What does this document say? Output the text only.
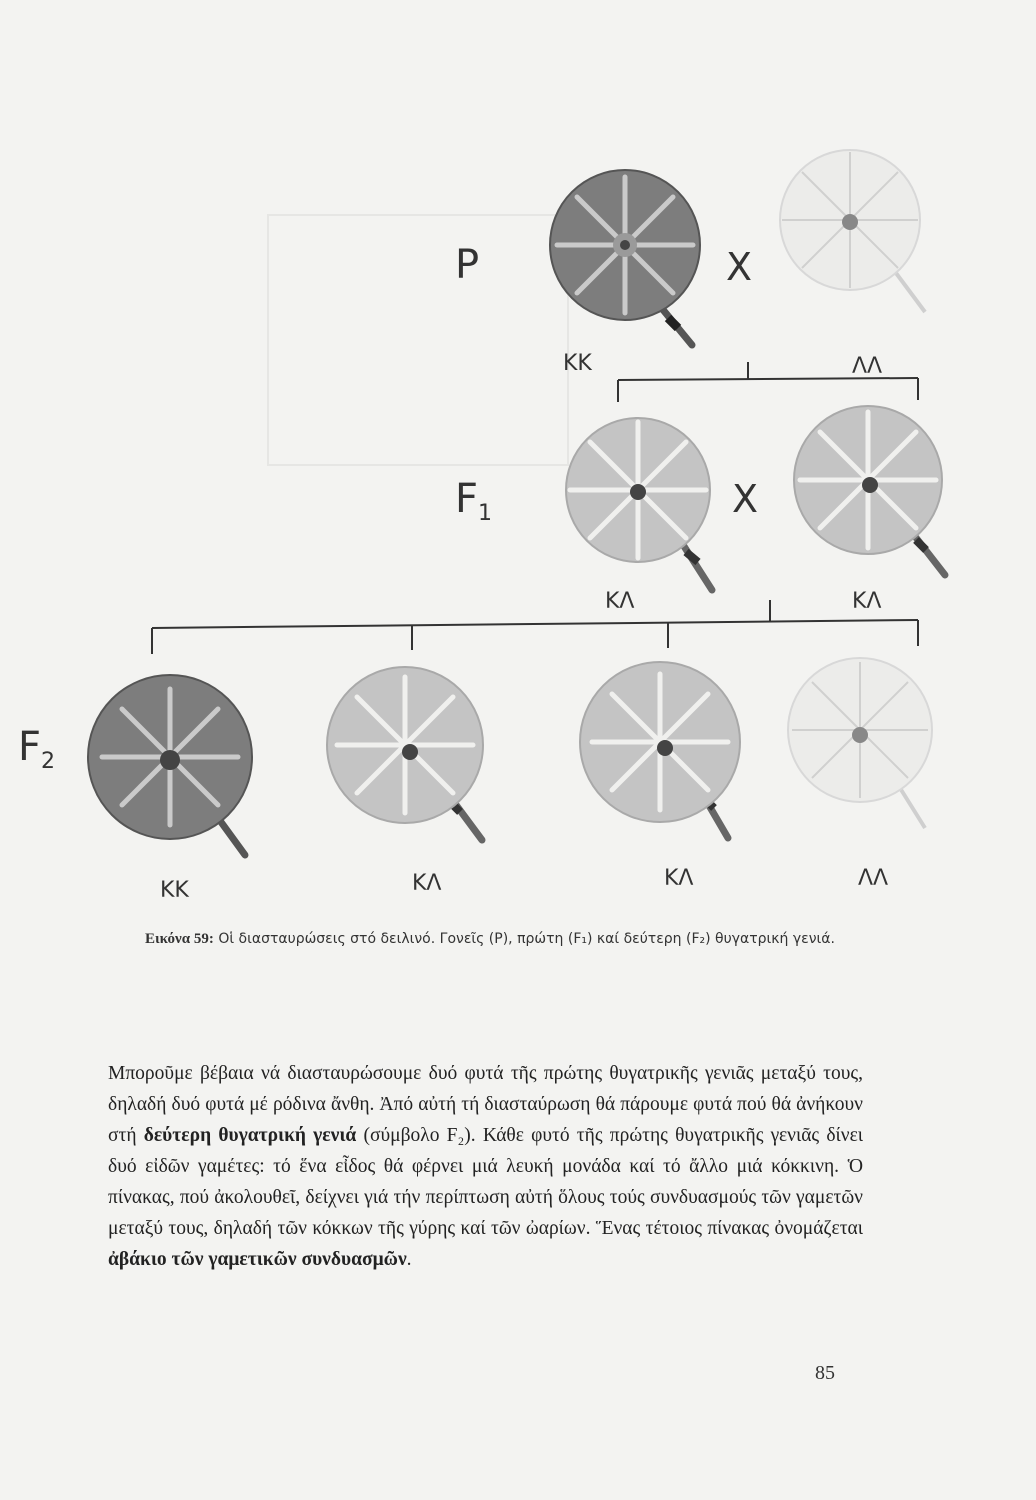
P	X
KK	ΛΛ
$F_1$	X
ΚΛ	ΚΛ
$F_2$
ΚΚ	ΚΛ	ΚΛ	ΛΛ
Εικόνα 59: Οἱ διασταυρώσεις στό δειλινό. Γονεῖς (P), πρώτη (F₁) καί δεύτερη (F₂) θυγατρική γενιά.
Μποροῦμε βέβαια νά διασταυρώσουμε δυό φυτά τῆς πρώτης θυγατρικῆς γενιᾶς μεταξύ τους, δηλαδή δυό φυτά μέ ρόδινα ἄνθη. Ἀπό αὐτή τή διασταύρωση θά πάρουμε φυτά πού θά ἀνήκουν στή δεύτερη θυγατρική γενιά (σύμβολο F₂). Κάθε φυτό τῆς πρώτης θυγατρικῆς γενιᾶς δίνει δυό εἰδῶν γαμέτες: τό ἕνα εἶδος θά φέρνει μιά λευκή μονάδα καί τό ἄλλο μιά κόκκινη. Ὁ πίνακας, πού ἀκολουθεῖ, δείχνει γιά τήν περίπτωση αὐτή ὅλους τούς συνδυασμούς τῶν γαμετῶν μεταξύ τους, δηλαδή τῶν κόκκων τῆς γύρης καί τῶν ὠαρίων. Ἕνας τέτοιος πίνακας ὀνομάζεται ἀβάκιο τῶν γαμετικῶν συνδυασμῶν.
85
